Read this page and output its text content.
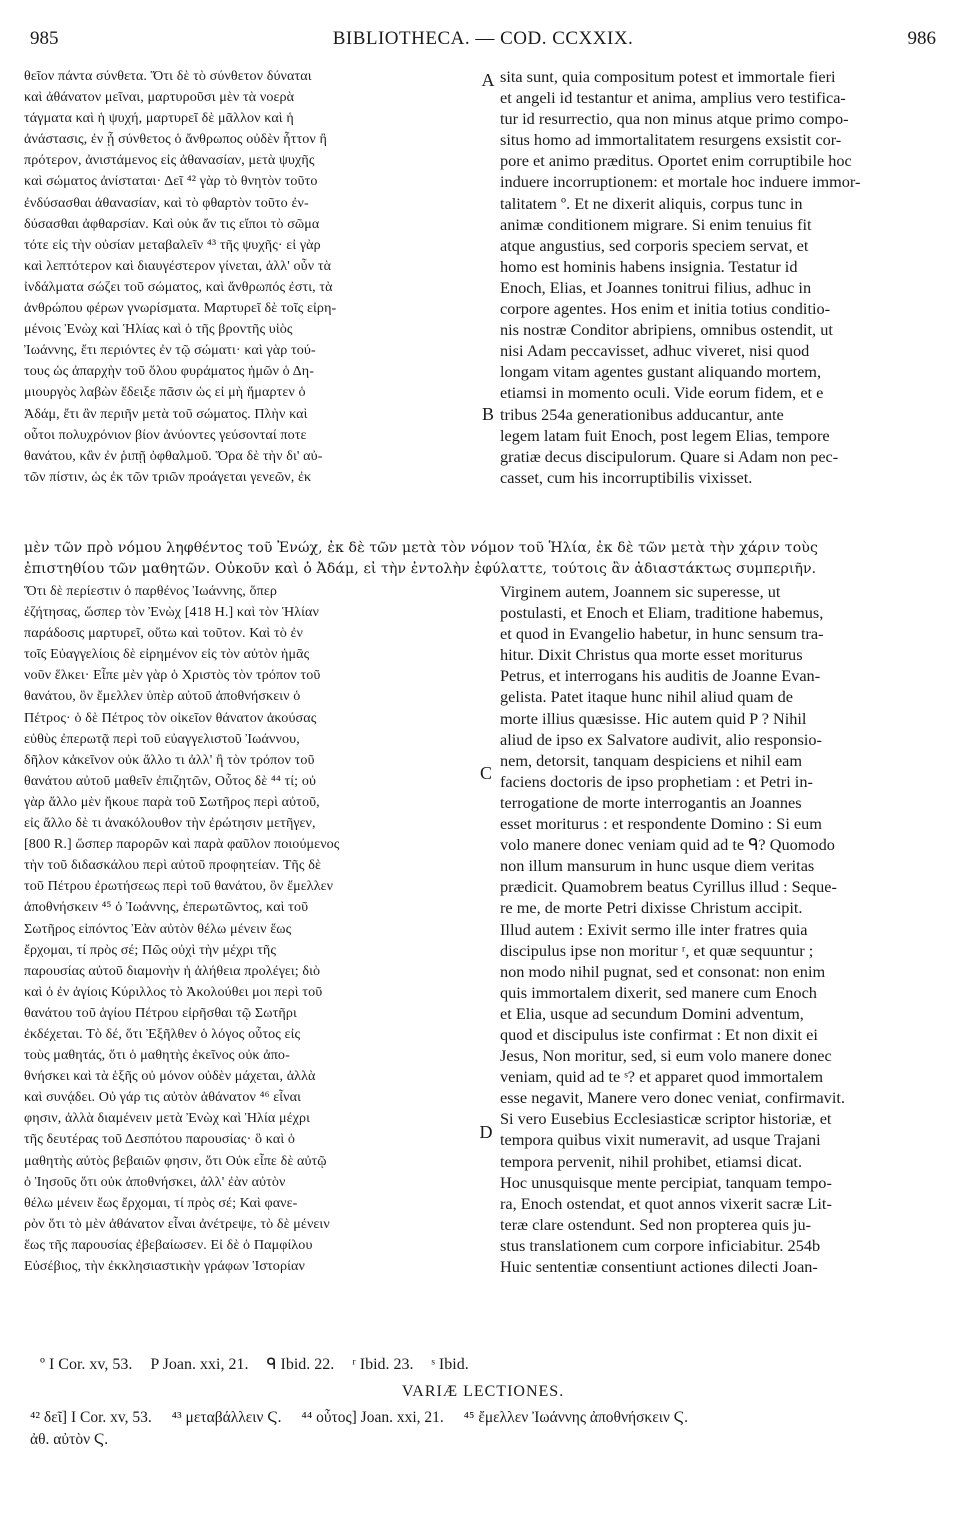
985	BIBLIOTHECA. — COD. CCXXIX.	986
A
B
C
D
θεῖον πάντα σύνθετα. Ὅτι δὲ τὸ σύνθετον δύναται
καὶ ἀθάνατον μεῖναι, μαρτυροῦσι μὲν τὰ νοερὰ
τάγματα καὶ ἡ ψυχή, μαρτυρεῖ δὲ μᾶλλον καὶ ἡ
ἀνάστασις, ἐν ᾗ σύνθετος ὁ ἄνθρωπος οὐδὲν ἧττον ἢ
πρότερον, ἀνιστάμενος εἰς ἀθανασίαν, μετὰ ψυχῆς
καὶ σώματος ἀνίσταται· Δεῖ ⁴² γὰρ τὸ θνητὸν τοῦτο
ἐνδύσασθαι ἀθανασίαν, καὶ τὸ φθαρτὸν τοῦτο ἐν-
δύσασθαι ἀφθαρσίαν. Καὶ οὐκ ἄν τις εἴποι τὸ σῶμα
τότε εἰς τὴν οὐσίαν μεταβαλεῖν ⁴³ τῆς ψυχῆς· εἰ γὰρ
καὶ λεπτότερον καὶ διαυγέστερον γίνεται, ἀλλ' οὖν τὰ
ἰνδάλματα σώζει τοῦ σώματος, καὶ ἄνθρωπός ἐστι, τὰ
ἀνθρώπου φέρων γνωρίσματα. Μαρτυρεῖ δὲ τοῖς εἰρη-
μένοις Ἐνὼχ καὶ Ἡλίας καὶ ὁ τῆς βροντῆς υἱὸς
Ἰωάννης, ἔτι περιόντες ἐν τῷ σώματι· καὶ γὰρ τού-
τους ὡς ἀπαρχὴν τοῦ ὅλου φυράματος ἡμῶν ὁ Δη-
μιουργὸς λαβὼν ἔδειξε πᾶσιν ὡς εἰ μὴ ἥμαρτεν ὁ
Ἀδάμ, ἔτι ἂν περιῆν μετὰ τοῦ σώματος. Πλὴν καὶ
οὗτοι πολυχρόνιον βίον ἀνύοντες γεύσονταί ποτε
θανάτου, κἂν ἐν ῥιπῇ ὀφθαλμοῦ. Ὅρα δὲ τὴν δι' αὐ-
τῶν πίστιν, ὡς ἐκ τῶν τριῶν προάγεται γενεῶν, ἐκ
sita sunt, quia compositum potest et immortale fieri
et angeli id testantur et anima, amplius vero testifica-
tur id resurrectio, qua non minus atque primo compo-
situs homo ad immortalitatem resurgens exsistit cor-
pore et animo præditus. Oportet enim corruptibile hoc
induere incorruptionem: et mortale hoc induere immor-
talitatem º. Et ne dixerit aliquis, corpus tunc in
animæ conditionem migrare. Si enim tenuius fit
atque angustius, sed corporis speciem servat, et
homo est hominis habens insignia. Testatur id
Enoch, Elias, et Joannes tonitrui filius, adhuc in
corpore agentes. Hos enim et initia totius conditio-
nis nostræ Conditor abripiens, omnibus ostendit, ut
nisi Adam peccavisset, adhuc viveret, nisi quod
longam vitam agentes gustant aliquando mortem,
etiamsi in momento oculi. Vide eorum fidem, et e
tribus 254a generationibus adducantur, ante
legem latam fuit Enoch, post legem Elias, tempore
gratiæ decus discipulorum. Quare si Adam non pec-
casset, cum his incorruptibilis vixisset.
μὲν τῶν πρὸ νόμου ληφθέντος τοῦ Ἐνώχ, ἐκ δὲ τῶν μετὰ τὸν νόμον τοῦ Ἡλία, ἐκ δὲ τῶν μετὰ τὴν χάριν τοὺς
ἐπιστηθίου τῶν μαθητῶν. Οὐκοῦν καὶ ὁ Ἀδάμ, εἰ τὴν ἐντολὴν ἐφύλαττε, τούτοις ἂν ἀδιαστάκτως συμπεριῆν.
Ὅτι δὲ περίεστιν ὁ παρθένος Ἰωάννης, ὅπερ
ἐζήτησας, ὥσπερ τὸν Ἐνὼχ [418 H.] καὶ τὸν Ἡλίαν
παράδοσις μαρτυρεῖ, οὕτω καὶ τοῦτον. Καὶ τὸ ἐν
τοῖς Εὐαγγελίοις δὲ εἰρημένον εἰς τὸν αὐτὸν ἡμᾶς
νοῦν ἕλκει· Εἶπε μὲν γὰρ ὁ Χριστὸς τὸν τρόπον τοῦ
θανάτου, ὃν ἔμελλεν ὑπὲρ αὐτοῦ ἀποθνήσκειν ὁ
Πέτρος· ὁ δὲ Πέτρος τὸν οἰκεῖον θάνατον ἀκούσας
εὐθὺς ἐπερωτᾷ περὶ τοῦ εὐαγγελιστοῦ Ἰωάννου,
δῆλον κἀκεῖνον οὐκ ἄλλο τι ἀλλ' ἢ τὸν τρόπον τοῦ
θανάτου αὐτοῦ μαθεῖν ἐπιζητῶν, Οὗτος δὲ ⁴⁴ τί; οὐ
γὰρ ἄλλο μὲν ἤκουε παρὰ τοῦ Σωτῆρος περὶ αὐτοῦ,
εἰς ἄλλο δὲ τι ἀνακόλουθον τὴν ἐρώτησιν μετῆγεν,
[800 R.] ὥσπερ παρορῶν καὶ παρὰ φαῦλον ποιούμενος
τὴν τοῦ διδασκάλου περὶ αὐτοῦ προφητείαν. Τῆς δὲ
τοῦ Πέτρου ἐρωτήσεως περὶ τοῦ θανάτου, ὃν ἔμελλεν
ἀποθνήσκειν ⁴⁵ ὁ Ἰωάννης, ἐπερωτῶντος, καὶ τοῦ
Σωτῆρος εἰπόντος Ἐὰν αὐτὸν θέλω μένειν ἕως
ἔρχομαι, τί πρὸς σέ; Πῶς οὐχὶ τὴν μέχρι τῆς
παρουσίας αὐτοῦ διαμονὴν ἡ ἀλήθεια προλέγει; διὸ
καὶ ὁ ἐν ἁγίοις Κύριλλος τὸ Ἀκολούθει μοι περὶ τοῦ
θανάτου τοῦ ἁγίου Πέτρου εἰρῆσθαι τῷ Σωτῆρι
ἐκδέχεται. Τὸ δέ, ὅτι Ἐξῆλθεν ὁ λόγος οὗτος εἰς
τοὺς μαθητάς, ὅτι ὁ μαθητὴς ἐκεῖνος οὐκ ἀπο-
θνήσκει καὶ τὰ ἑξῆς οὐ μόνον οὐδὲν μάχεται, ἀλλὰ
καὶ συνᾴδει. Οὐ γάρ τις αὐτὸν ἀθάνατον ⁴⁶ εἶναι
φησιν, ἀλλὰ διαμένειν μετὰ Ἐνὼχ καὶ Ἡλία μέχρι
τῆς δευτέρας τοῦ Δεσπότου παρουσίας· ὃ καὶ ὁ
μαθητὴς αὐτὸς βεβαιῶν φησιν, ὅτι Οὐκ εἶπε δὲ αὐτῷ
ὁ Ἰησοῦς ὅτι οὐκ ἀποθνήσκει, ἀλλ' ἐὰν αὐτὸν
θέλω μένειν ἕως ἔρχομαι, τί πρὸς σέ; Καὶ φανε-
ρὸν ὅτι τὸ μὲν ἀθάνατον εἶναι ἀνέτρεψε, τὸ δὲ μένειν
ἕως τῆς παρουσίας ἐβεβαίωσεν. Εἰ δὲ ὁ Παμφίλου
Εὐσέβιος, τὴν ἐκκλησιαστικὴν γράφων Ἱστορίαν
Virginem autem, Joannem sic superesse, ut
postulasti, et Enoch et Eliam, traditione habemus,
et quod in Evangelio habetur, in hunc sensum tra-
hitur. Dixit Christus qua morte esset moriturus
Petrus, et interrogans his auditis de Joanne Evan-
gelista. Patet itaque hunc nihil aliud quam de
morte illius quæsisse. Hic autem quid P ? Nihil
aliud de ipso ex Salvatore audivit, alio responsio-
nem, detorsit, tanquam despiciens et nihil eam
faciens doctoris de ipso prophetiam : et Petri in-
terrogatione de morte interrogantis an Joannes
esset moriturus : et respondente Domino : Si eum
volo manere donec veniam quid ad te ᑫ? Quomodo
non illum mansurum in hunc usque diem veritas
prædicit. Quamobrem beatus Cyrillus illud : Seque-
re me, de morte Petri dixisse Christum accipit.
Illud autem : Exivit sermo ille inter fratres quia
discipulus ipse non moritur ʳ, et quæ sequuntur ;
non modo nihil pugnat, sed et consonat: non enim
quis immortalem dixerit, sed manere cum Enoch
et Elia, usque ad secundum Domini adventum,
quod et discipulus iste confirmat : Et non dixit ei
Jesus, Non moritur, sed, si eum volo manere donec
veniam, quid ad te ˢ? et apparet quod immortalem
esse negavit, Manere vero donec veniat, confirmavit.
Si vero Eusebius Ecclesiasticæ scriptor historiæ, et
tempora quibus vixit numeravit, ad usque Trajani
tempora pervenit, nihil prohibet, etiamsi dicat.
Hoc unusquisque mente percipiat, tanquam tempo-
ra, Enoch ostendat, et quot annos vixerit sacræ Lit-
teræ clare ostendunt. Sed non propterea quis ju-
stus translationem cum corpore inficiabitur. 254b
Huic sententiæ consentiunt actiones dilecti Joan-
º I Cor. xv, 53. P Joan. xxi, 21. ᑫ Ibid. 22. ʳ Ibid. 23. ˢ Ibid.
VARIÆ LECTIONES.
⁴² δεῖ] I Cor. xv, 53. ⁴³ μεταβάλλειν Ϛ. ⁴⁴ οὗτος] Joan. xxi, 21. ⁴⁵ ἔμελλεν Ἰωάννης ἀποθνήσκειν Ϛ.
ἀθ. αὐτὸν Ϛ.
